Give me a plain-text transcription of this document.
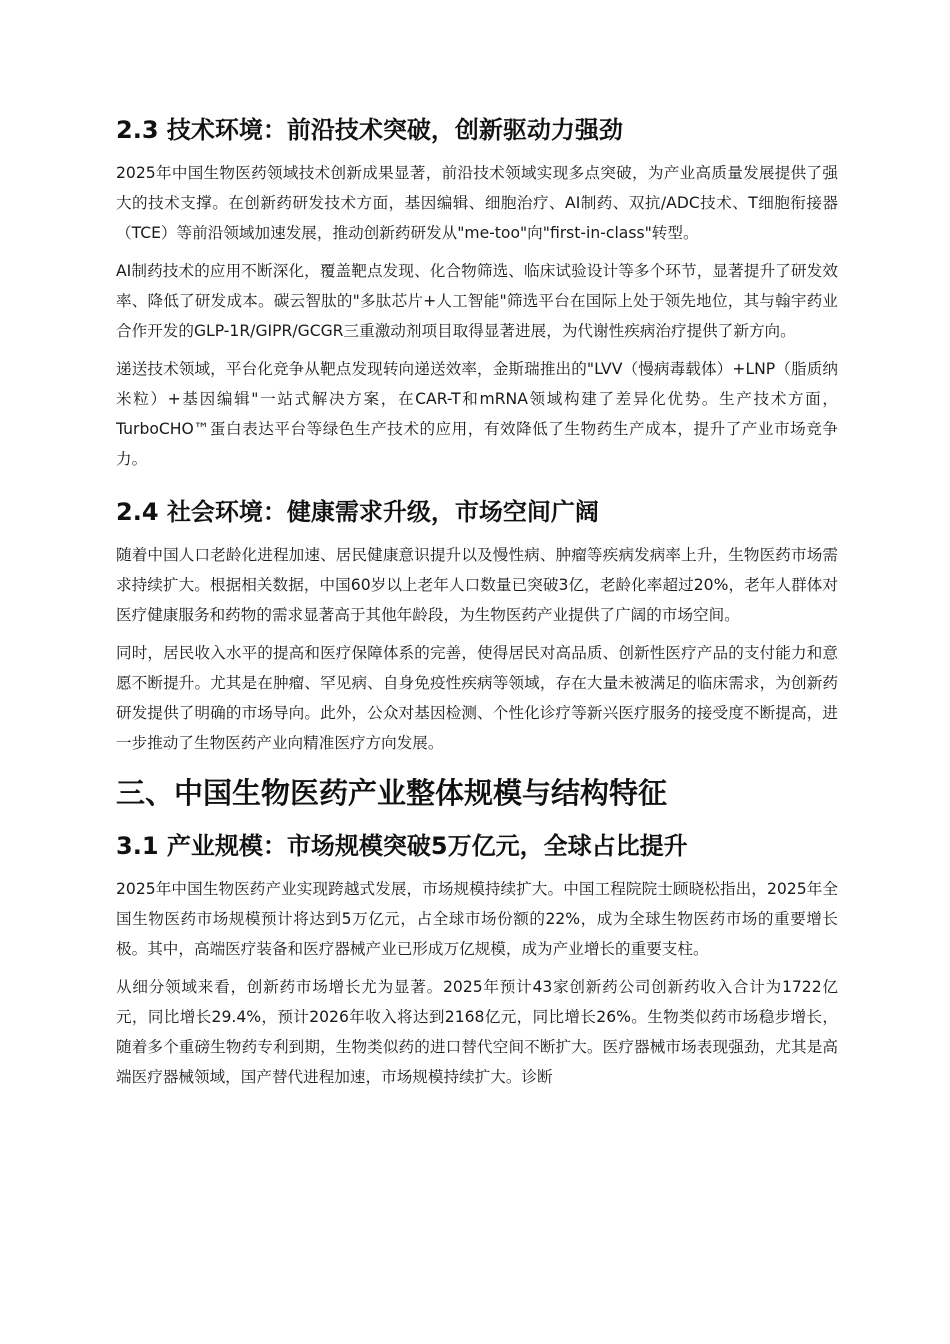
2.3 技术环境：前沿技术突破，创新驱动力强劲

2025年中国生物医药领域技术创新成果显著，前沿技术领域实现多点突破，为产业高质量发展提供了强大的技术支撑。在创新药研发技术方面，基因编辑、细胞治疗、AI制药、双抗/ADC技术、T细胞衔接器（TCE）等前沿领域加速发展，推动创新药研发从"me-too"向"first-in-class"转型。

AI制药技术的应用不断深化，覆盖靶点发现、化合物筛选、临床试验设计等多个环节，显著提升了研发效率、降低了研发成本。碳云智肽的"多肽芯片+人工智能"筛选平台在国际上处于领先地位，其与翰宇药业合作开发的GLP-1R/GIPR/GCGR三重激动剂项目取得显著进展，为代谢性疾病治疗提供了新方向。

递送技术领域，平台化竞争从靶点发现转向递送效率，金斯瑞推出的"LVV（慢病毒载体）+LNP（脂质纳米粒）+基因编辑"一站式解决方案，在CAR-T和mRNA领域构建了差异化优势。生产技术方面，TurboCHO™蛋白表达平台等绿色生产技术的应用，有效降低了生物药生产成本，提升了产业市场竞争力。

2.4 社会环境：健康需求升级，市场空间广阔

随着中国人口老龄化进程加速、居民健康意识提升以及慢性病、肿瘤等疾病发病率上升，生物医药市场需求持续扩大。根据相关数据，中国60岁以上老年人口数量已突破3亿，老龄化率超过20%，老年人群体对医疗健康服务和药物的需求显著高于其他年龄段，为生物医药产业提供了广阔的市场空间。

同时，居民收入水平的提高和医疗保障体系的完善，使得居民对高品质、创新性医疗产品的支付能力和意愿不断提升。尤其是在肿瘤、罕见病、自身免疫性疾病等领域，存在大量未被满足的临床需求，为创新药研发提供了明确的市场导向。此外，公众对基因检测、个性化诊疗等新兴医疗服务的接受度不断提高，进一步推动了生物医药产业向精准医疗方向发展。

三、中国生物医药产业整体规模与结构特征
3.1 产业规模：市场规模突破5万亿元，全球占比提升

2025年中国生物医药产业实现跨越式发展，市场规模持续扩大。中国工程院院士顾晓松指出，2025年全国生物医药市场规模预计将达到5万亿元，占全球市场份额的22%，成为全球生物医药市场的重要增长极。其中，高端医疗装备和医疗器械产业已形成万亿规模，成为产业增长的重要支柱。

从细分领域来看，创新药市场增长尤为显著。2025年预计43家创新药公司创新药收入合计为1722亿元，同比增长29.4%，预计2026年收入将达到2168亿元，同比增长26%。生物类似药市场稳步增长，随着多个重磅生物药专利到期，生物类似药的进口替代空间不断扩大。医疗器械市场表现强劲，尤其是高端医疗器械领域，国产替代进程加速，市场规模持续扩大。诊断
